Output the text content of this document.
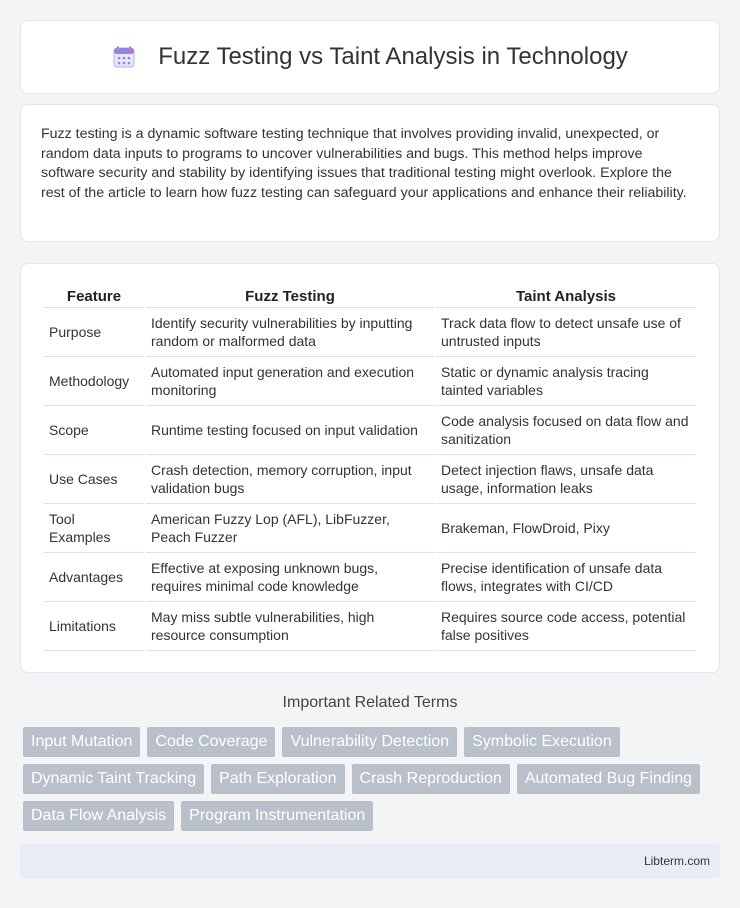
Fuzz Testing vs Taint Analysis in Technology

Fuzz testing is a dynamic software testing technique that involves providing invalid, unexpected, or random data inputs to programs to uncover vulnerabilities and bugs. This method helps improve software security and stability by identifying issues that traditional testing might overlook. Explore the rest of the article to learn how fuzz testing can safeguard your applications and enhance their reliability.

Feature	Fuzz Testing	Taint Analysis
Purpose	Identify security vulnerabilities by inputting random or malformed data	Track data flow to detect unsafe use of untrusted inputs
Methodology	Automated input generation and execution monitoring	Static or dynamic analysis tracing tainted variables
Scope	Runtime testing focused on input validation	Code analysis focused on data flow and sanitization
Use Cases	Crash detection, memory corruption, input validation bugs	Detect injection flaws, unsafe data usage, information leaks
Tool Examples	American Fuzzy Lop (AFL), LibFuzzer, Peach Fuzzer	Brakeman, FlowDroid, Pixy
Advantages	Effective at exposing unknown bugs, requires minimal code knowledge	Precise identification of unsafe data flows, integrates with CI/CD
Limitations	May miss subtle vulnerabilities, high resource consumption	Requires source code access, potential false positives
Important Related Terms
Input Mutation	Code Coverage	Vulnerability Detection	Symbolic Execution
Dynamic Taint Tracking	Path Exploration	Crash Reproduction	Automated Bug Finding
Data Flow Analysis	Program Instrumentation
Libterm.com
